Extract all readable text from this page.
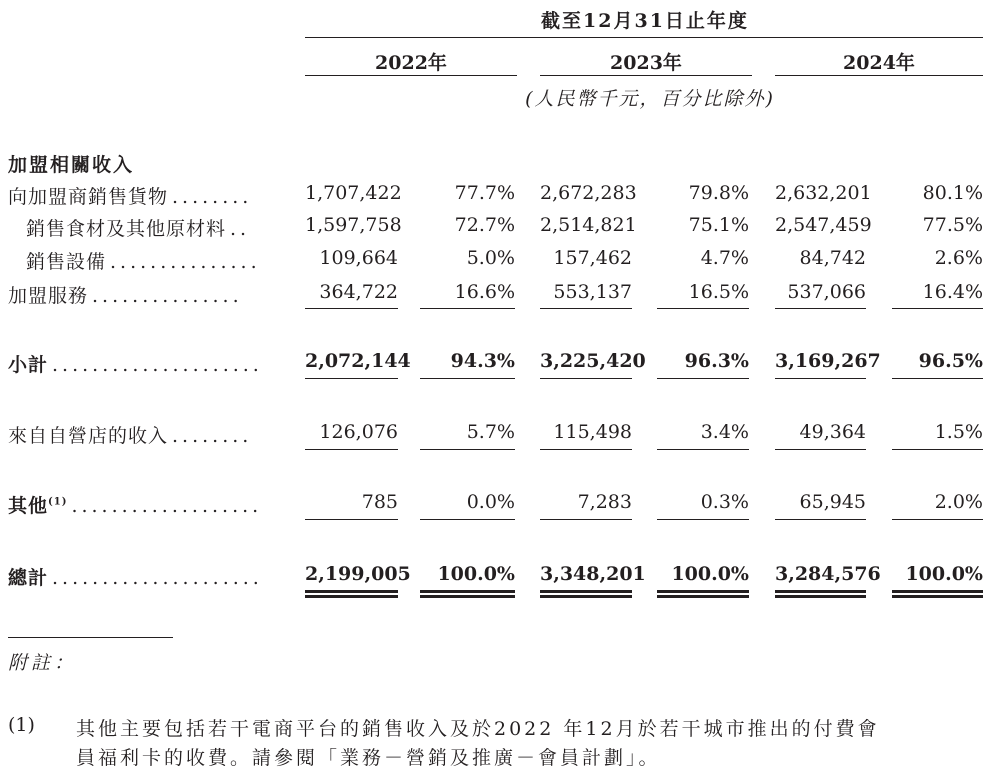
截至12月31日止年度
2022年	2023年	2024年
(人民幣千元，百分比除外)
加盟相關收入
向加盟商銷售貨物 ........	1,707,422	77.7% 2,672,283	79.8% 2,632,201	80.1%
銷售食材及其他原材料 ..	1,597,758	72.7% 2,514,821	75.1% 2,547,459	77.5%
銷售設備 ...............	109,664	5.0%	157,462	4.7%	84,742	2.6%
加盟服務 ...............	364,722	16.6%	553,137	16.5%	537,066	16.4%
小計 .....................	2,072,144	94.3% 3,225,420	96.3% 3,169,267	96.5%
來自自營店的收入 ........	126,076	5.7%	115,498	3.4%	49,364	1.5%
其他$^{(1)}$ ...................	785	0.0%	7,283	0.3%	65,945	2.0%
總計 .....................	2,199,005	100.0% 3,348,201	100.0% 3,284,576	100.0%
附註：
(1) 其他主要包括若干電商平台的銷售收入及於2022 年12月於若干城市推出的付費會
員福利卡的收費。請參閱「業務－營銷及推廣－會員計劃」。
